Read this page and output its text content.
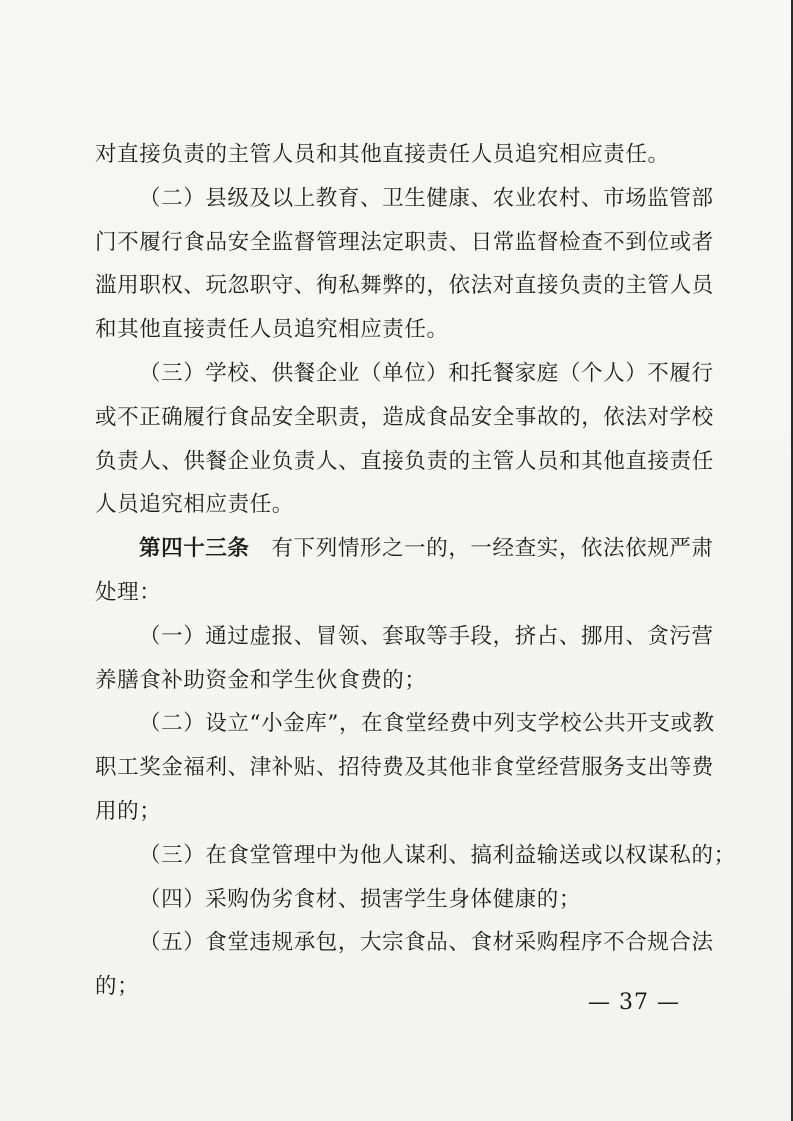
对直接负责的主管人员和其他直接责任人员追究相应责任。
（二）县级及以上教育、卫生健康、农业农村、市场监管部
门不履行食品安全监督管理法定职责、日常监督检查不到位或者
滥用职权、玩忽职守、徇私舞弊的，依法对直接负责的主管人员
和其他直接责任人员追究相应责任。
（三）学校、供餐企业（单位）和托餐家庭（个人）不履行
或不正确履行食品安全职责，造成食品安全事故的，依法对学校
负责人、供餐企业负责人、直接负责的主管人员和其他直接责任
人员追究相应责任。
第四十三条 有下列情形之一的，一经查实，依法依规严肃
处理：
（一）通过虚报、冒领、套取等手段，挤占、挪用、贪污营
养膳食补助资金和学生伙食费的；
（二）设立“小金库”，在食堂经费中列支学校公共开支或教
职工奖金福利、津补贴、招待费及其他非食堂经营服务支出等费
用的；
（三）在食堂管理中为他人谋利、搞利益输送或以权谋私的；
（四）采购伪劣食材、损害学生身体健康的；
（五）食堂违规承包，大宗食品、食材采购程序不合规合法
的；
— 37 —
